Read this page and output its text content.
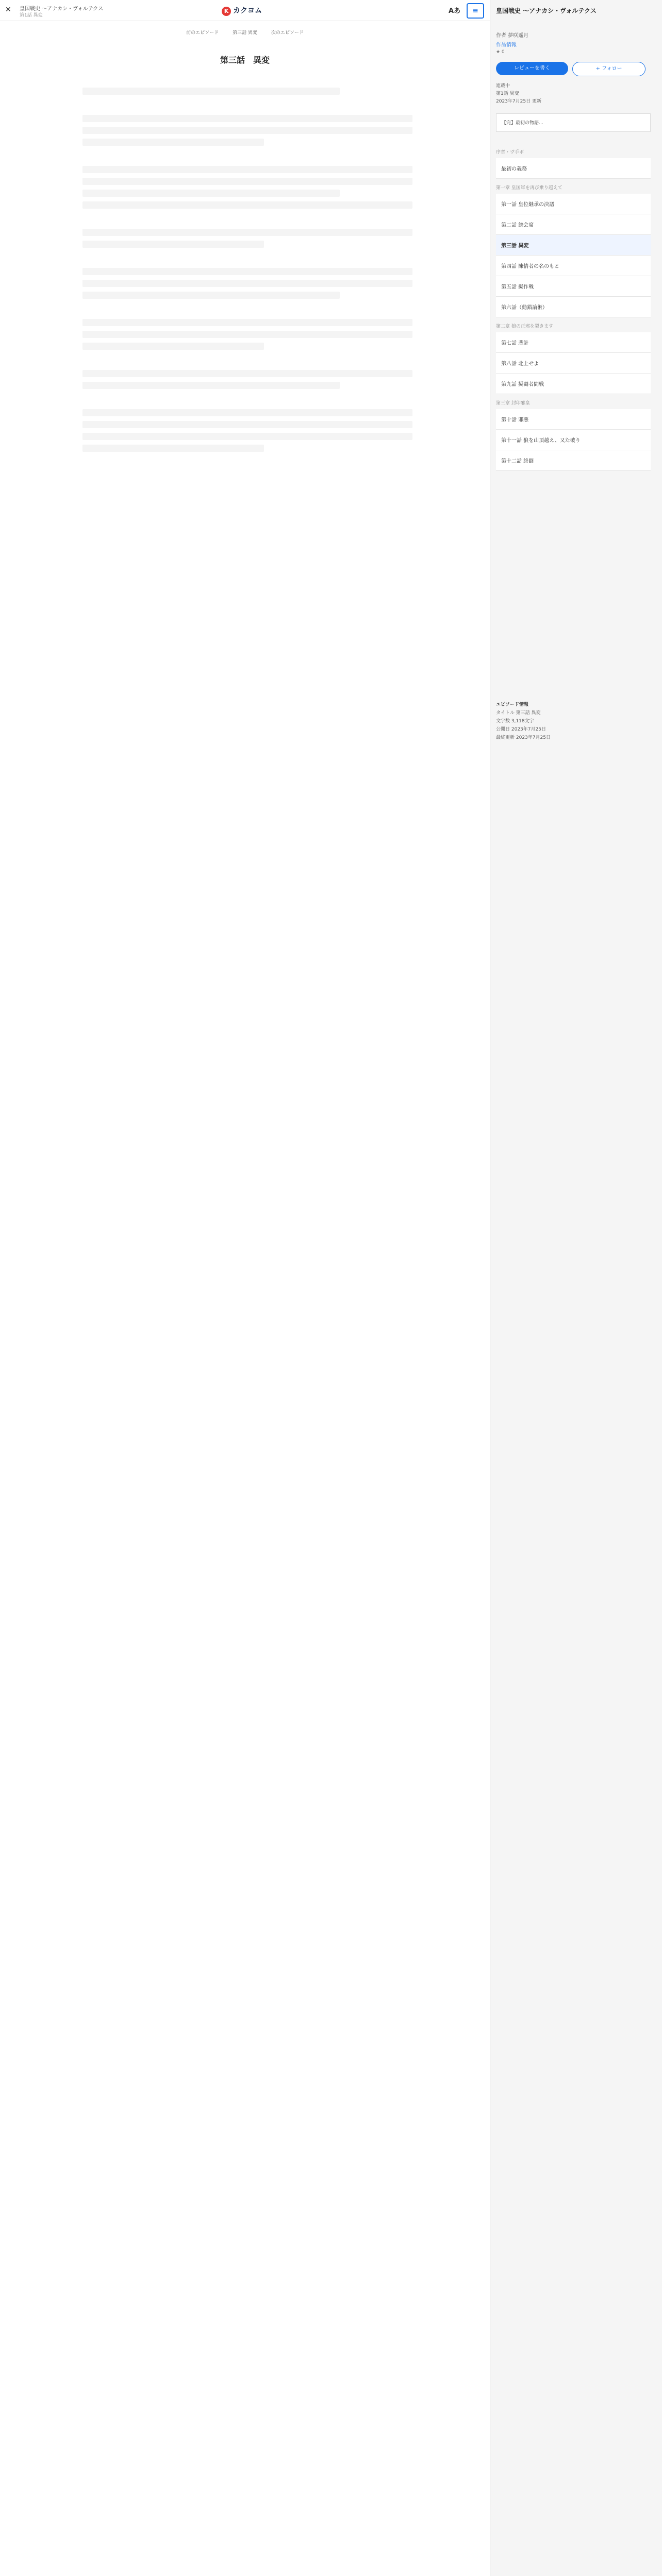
✕	皇国戦史 〜アナカシ・ヴォルテクス
第1話 異変
K カクヨム	Aあ	≡
前のエピソード	第三話 異変	次のエピソード
第三話　異変
皇国戦史 〜アナカシ・ヴォルテクス
作者 夢咲遥月
作品情報
★ 0
レビューを書く	+ フォロー
連載中
第1話 異変
2023年7月25日 更新
【完】最初の物語…
序章・ヴ手ボ
最初の義務
第一章 皇国軍を再び乗り越えて
第一話 皇位継承の決議
第二話 総会席
第三話 異変
第四話 陳情者の名のもと
第五話 擬作戦
第六話（動錯論術）
第二章 狼の正邪を裂きます
第七話 悲計
第八話 北上せよ
第九話 擬闘者間戦
第三章 封印邪皇
第十話 邪悪
第十一話 狼を山頂越え、又た破り
第十二話 終闘
エピソード情報
タイトル 第三話 異変
文字数 3,118文字
公開日 2023年7月25日
最終更新 2023年7月25日
